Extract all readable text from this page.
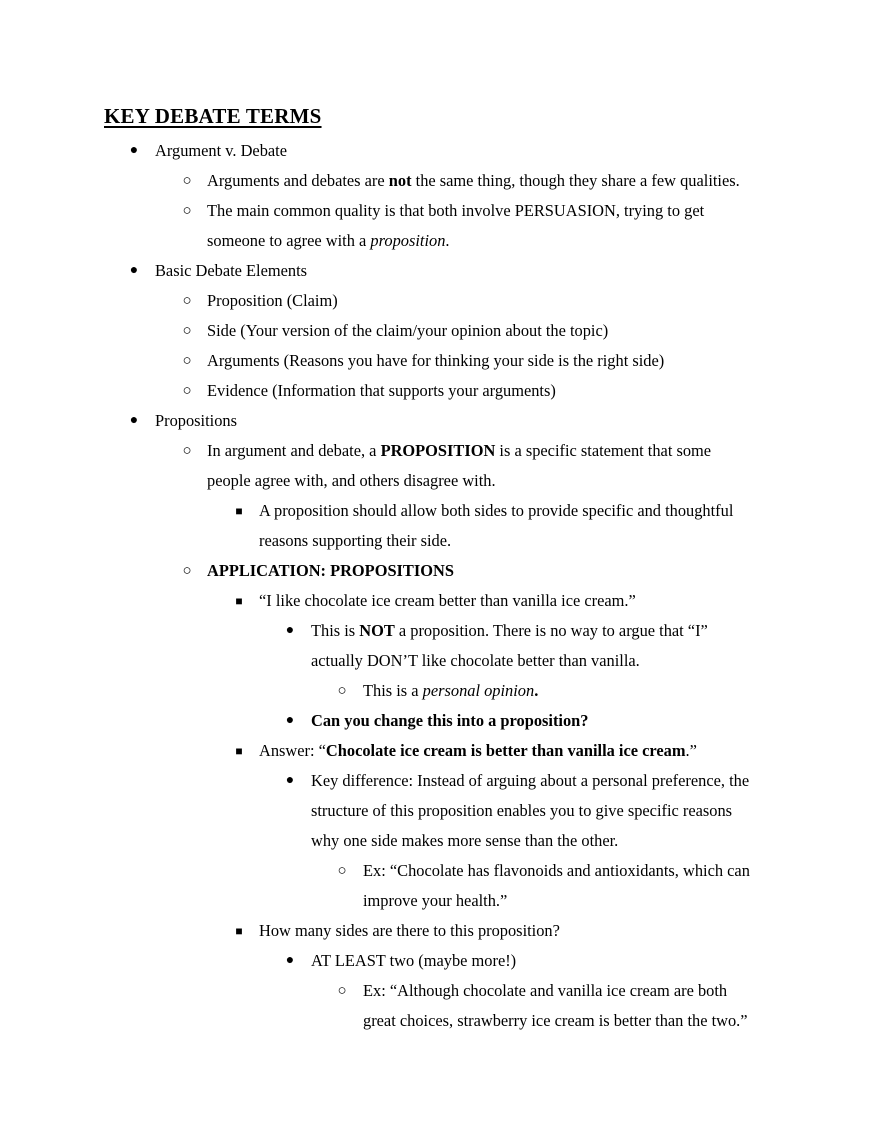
KEY DEBATE TERMS
● Argument v. Debate
○ Arguments and debates are not the same thing, though they share a few qualities.
○ The main common quality is that both involve PERSUASION, trying to get
someone to agree with a proposition.
● Basic Debate Elements
○ Proposition (Claim)
○ Side (Your version of the claim/your opinion about the topic)
○ Arguments (Reasons you have for thinking your side is the right side)
○ Evidence (Information that supports your arguments)
● Propositions
○ In argument and debate, a PROPOSITION is a specific statement that some
people agree with, and others disagree with.
■ A proposition should allow both sides to provide specific and thoughtful
reasons supporting their side.
○ APPLICATION: PROPOSITIONS
■ “I like chocolate ice cream better than vanilla ice cream.”
● This is NOT a proposition. There is no way to argue that “I”
actually DON’T like chocolate better than vanilla.
○ This is a personal opinion.
● Can you change this into a proposition?
■ Answer: “Chocolate ice cream is better than vanilla ice cream.”
● Key difference: Instead of arguing about a personal preference, the
structure of this proposition enables you to give specific reasons
why one side makes more sense than the other.
○ Ex: “Chocolate has flavonoids and antioxidants, which can
improve your health.”
■ How many sides are there to this proposition?
● AT LEAST two (maybe more!)
○ Ex: “Although chocolate and vanilla ice cream are both
great choices, strawberry ice cream is better than the two.”
